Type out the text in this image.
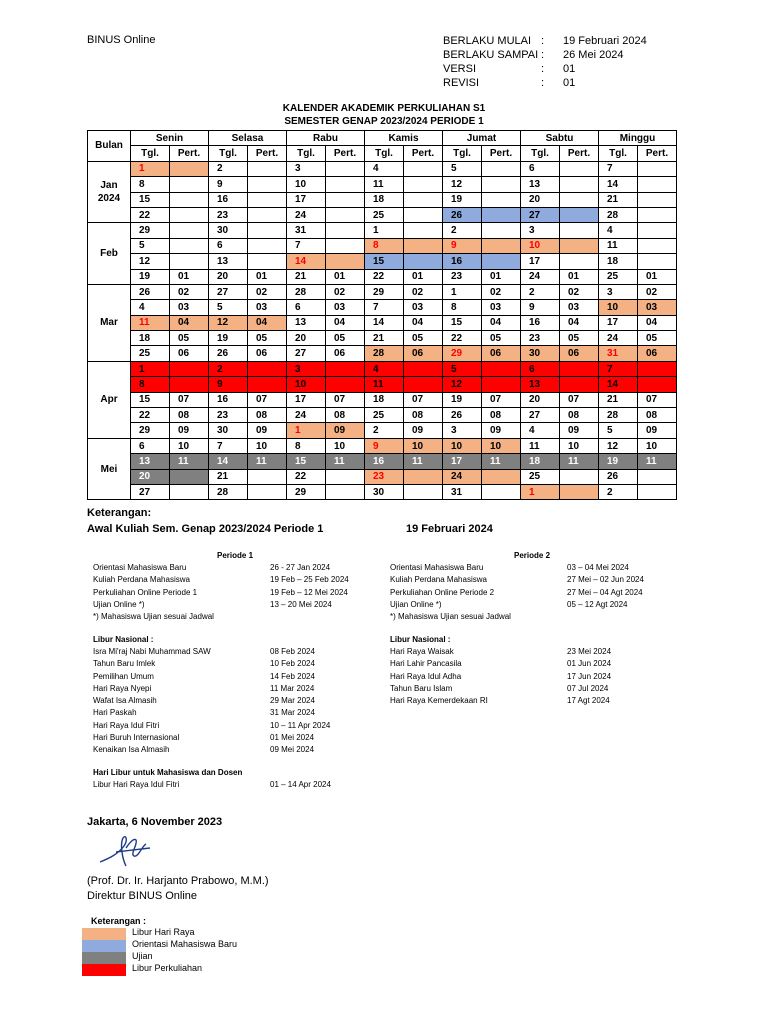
BINUS Online	BERLAKU MULAI :	19 Februari 2024
BERLAKU SAMPAI :	26 Mei 2024
VERSI	:	01
REVISI	:	01
KALENDER AKADEMIK PERKULIAHAN S1
SEMESTER GENAP 2023/2024 PERIODE 1
Bulan	Senin		Selasa		Rabu		Kamis		Jumat		Sabtu		Minggu	
	Tgl.	Pert.	Tgl.	Pert.	Tgl.	Pert.	Tgl.	Pert.	Tgl.	Pert.	Tgl.	Pert.	Tgl.	Pert.
Jan
2024	1		2		3		4		5		6		7	
	8		9		10		11		12		13		14	
	15		16		17		18		19		20		21	
	22		23		24		25		26		27		28	
Feb	29		30		31		1		2		3		4	
	5		6		7		8		9		10		11	
	12		13		14		15		16		17		18	
	19	01	20	01	21	01	22	01	23	01	24	01	25	01
Mar	26	02	27	02	28	02	29	02	1	02	2	02	3	02
	4	03	5	03	6	03	7	03	8	03	9	03	10	03
	11	04	12	04	13	04	14	04	15	04	16	04	17	04
	18	05	19	05	20	05	21	05	22	05	23	05	24	05
	25	06	26	06	27	06	28	06	29	06	30	06	31	06
Apr	1		2		3		4		5		6		7	
	8		9		10		11		12		13		14	
	15	07	16	07	17	07	18	07	19	07	20	07	21	07
	22	08	23	08	24	08	25	08	26	08	27	08	28	08
	29	09	30	09	1	09	2	09	3	09	4	09	5	09
Mei	6	10	7	10	8	10	9	10	10	10	11	10	12	10
	13	11	14	11	15	11	16	11	17	11	18	11	19	11
	20		21		22		23		24		25		26	
	27		28		29		30		31		1		2	
Keterangan:
Awal Kuliah Sem. Genap 2023/2024 Periode 1	19 Februari 2024
Periode 1	Periode 2
Orientasi Mahasiswa Baru	26 - 27 Jan 2024
Kuliah Perdana Mahasiswa	19 Feb – 25 Feb 2024
Perkuliahan Online Periode 1	19 Feb – 12 Mei 2024
Ujian Online *)	13 – 20 Mei 2024
*) Mahasiswa Ujian sesuai Jadwal
Orientasi Mahasiswa Baru	03 – 04 Mei 2024
Kuliah Perdana Mahasiswa	27 Mei – 02 Jun 2024
Perkuliahan Online Periode 2	27 Mei – 04 Agt 2024
Ujian Online *)	05 – 12 Agt 2024
*) Mahasiswa Ujian sesuai Jadwal
Libur Nasional :	Libur Nasional :
Isra Mi'raj Nabi Muhammad SAW	08 Feb 2024
Tahun Baru Imlek	10 Feb 2024
Pemilihan Umum	14 Feb 2024
Hari Raya Nyepi	11 Mar 2024
Wafat Isa Almasih	29 Mar 2024
Hari Paskah	31 Mar 2024
Hari Raya Idul Fitri	10 – 11 Apr 2024
Hari Buruh Internasional	01 Mei 2024
Kenaikan Isa Almasih	09 Mei 2024
Hari Raya Waisak	23 Mei 2024
Hari Lahir Pancasila	01 Jun 2024
Hari Raya Idul Adha	17 Jun 2024
Tahun Baru Islam	07 Jul 2024
Hari Raya Kemerdekaan RI	17 Agt 2024
Hari Libur untuk Mahasiswa dan Dosen
Libur Hari Raya Idul Fitri	01 – 14 Apr 2024
Jakarta, 6 November 2023
(Prof. Dr. Ir. Harjanto Prabowo, M.M.)
Direktur BINUS Online
Keterangan :
Libur Hari Raya
Orientasi Mahasiswa Baru
Ujian
Libur Perkuliahan
